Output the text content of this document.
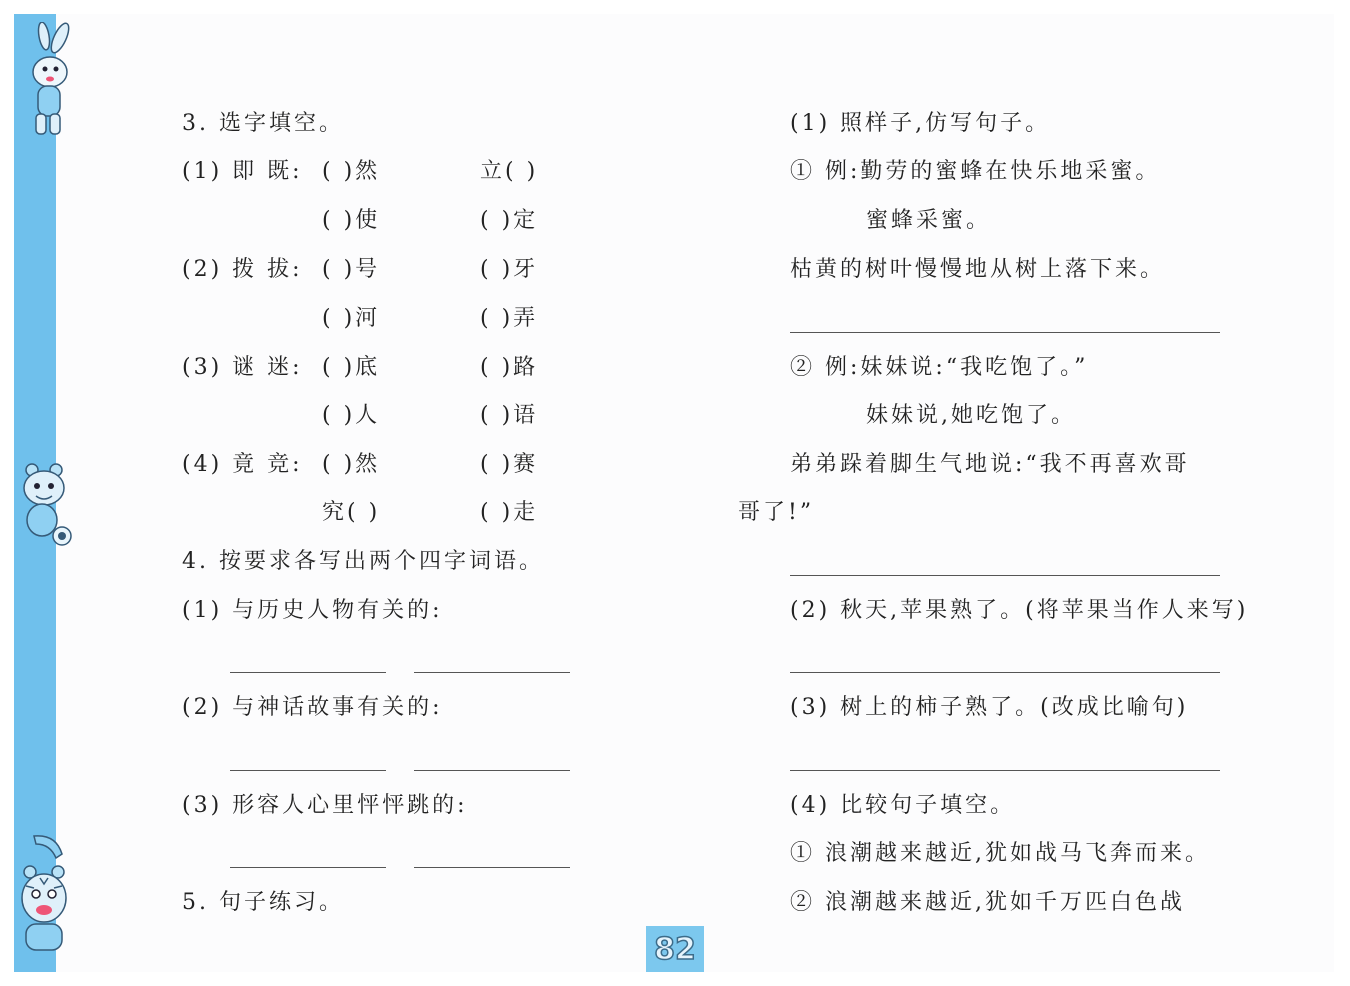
3. 选字填空。
(1) 即 既: ( )然	立( )
( )使	( )定
(2) 拨 拔: ( )号	( )牙
( )河	( )弄
(3) 谜 迷: ( )底	( )路
( )人	( )语
(4) 竟 竞: ( )然	( )赛
究( )	( )走
4. 按要求各写出两个四字词语。
(1) 与历史人物有关的:
(2) 与神话故事有关的:
(3) 形容人心里怦怦跳的:
5. 句子练习。
(1) 照样子,仿写句子。
① 例:勤劳的蜜蜂在快乐地采蜜。
蜜蜂采蜜。
枯黄的树叶慢慢地从树上落下来。
② 例:妹妹说:“我吃饱了。”
妹妹说,她吃饱了。
弟弟跺着脚生气地说:“我不再喜欢哥
哥了!”
(2) 秋天,苹果熟了。(将苹果当作人来写)
(3) 树上的柿子熟了。(改成比喻句)
(4) 比较句子填空。
① 浪潮越来越近,犹如战马飞奔而来。
② 浪潮越来越近,犹如千万匹白色战
82
